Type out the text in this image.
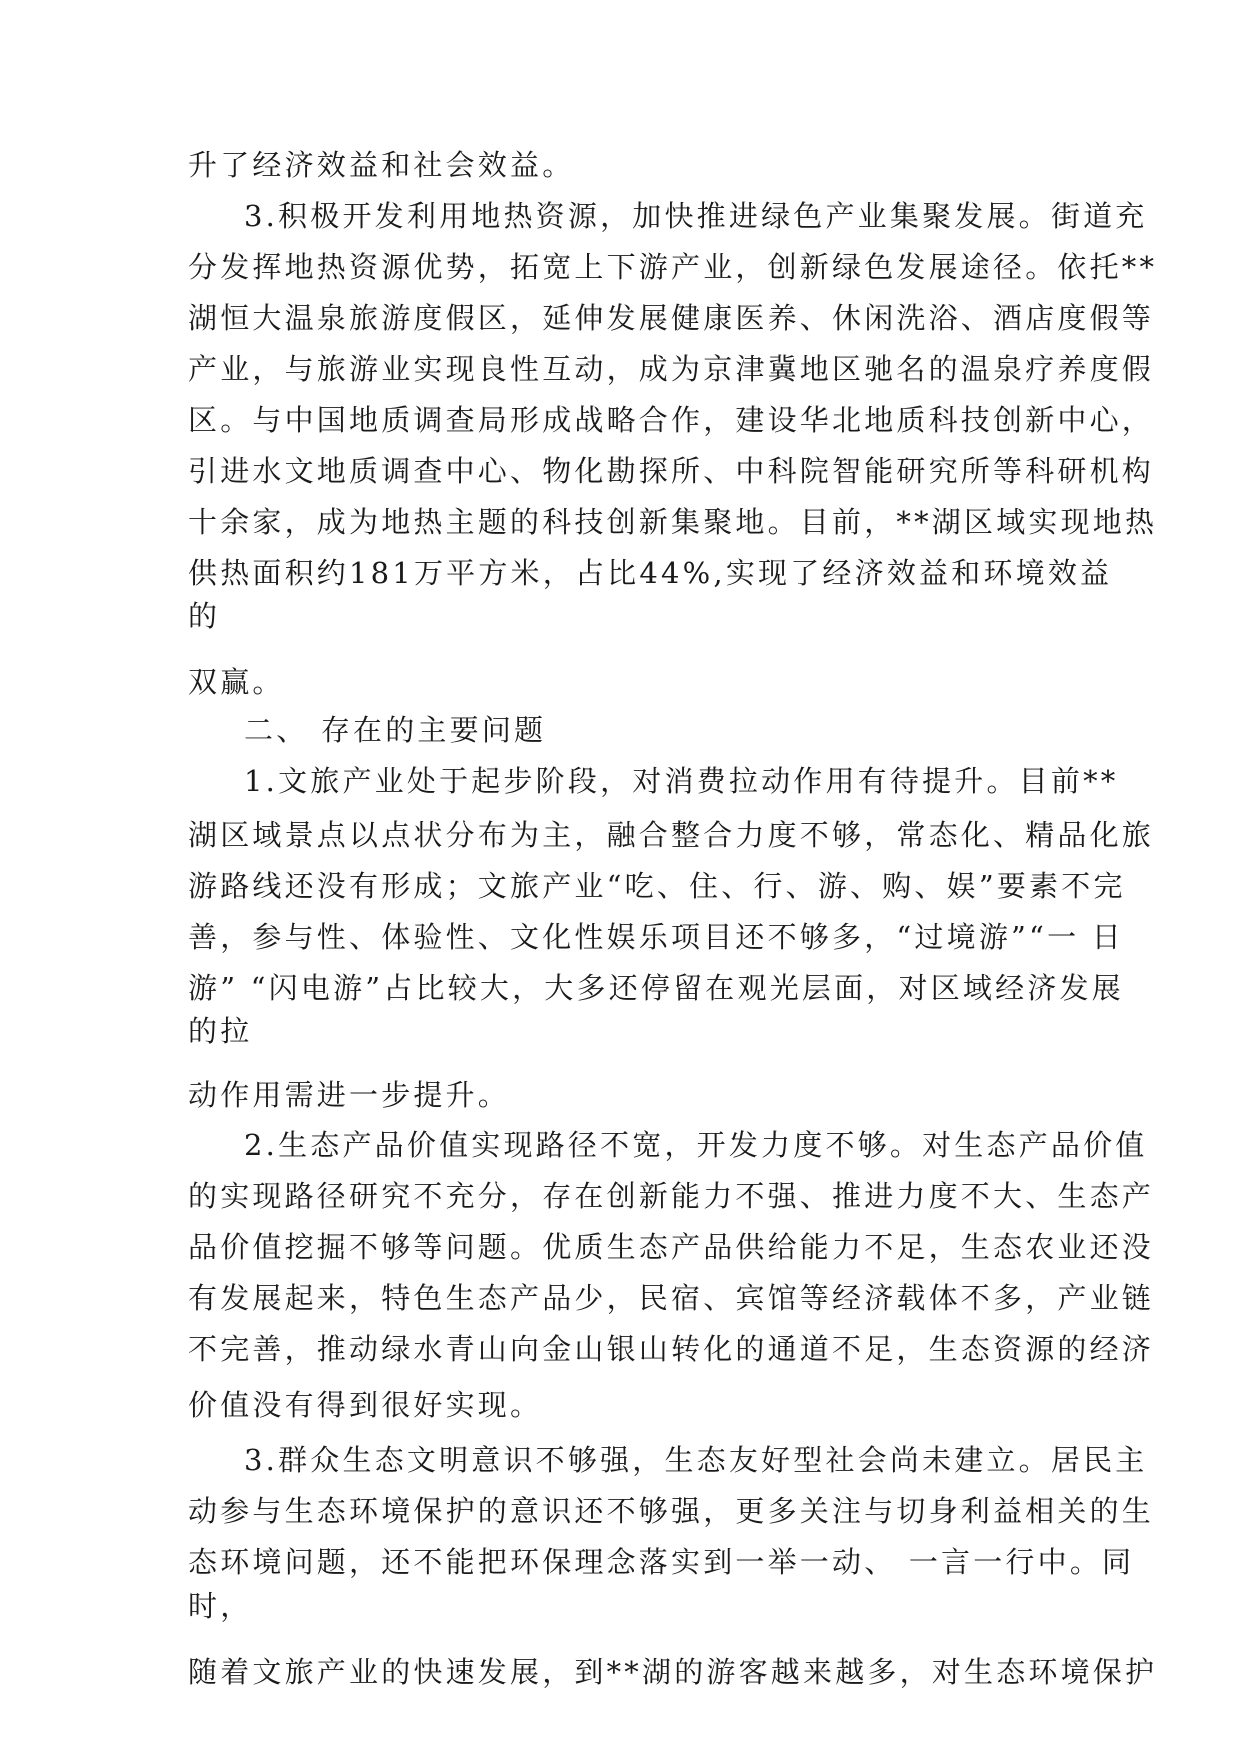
升了经济效益和社会效益。
3.积极开发利用地热资源，加快推进绿色产业集聚发展。街道充
分发挥地热资源优势，拓宽上下游产业，创新绿色发展途径。依托**
湖恒大温泉旅游度假区，延伸发展健康医养、休闲洗浴、酒店度假等
产业，与旅游业实现良性互动，成为京津冀地区驰名的温泉疗养度假
区。与中国地质调查局形成战略合作，建设华北地质科技创新中心，
引进水文地质调查中心、物化勘探所、中科院智能研究所等科研机构
十余家，成为地热主题的科技创新集聚地。目前，**湖区域实现地热
供热面积约181万平方米，占比44%,实现了经济效益和环境效益
的
双赢。
二、 存在的主要问题
1.文旅产业处于起步阶段，对消费拉动作用有待提升。目前**
湖区域景点以点状分布为主，融合整合力度不够，常态化、精品化旅
游路线还没有形成；文旅产业“吃、住、行、游、购、娱”要素不完
善，参与性、体验性、文化性娱乐项目还不够多，“过境游”“一 日
游” “闪电游”占比较大，大多还停留在观光层面，对区域经济发展
的拉
动作用需进一步提升。
2.生态产品价值实现路径不宽，开发力度不够。对生态产品价值
的实现路径研究不充分，存在创新能力不强、推进力度不大、生态产
品价值挖掘不够等问题。优质生态产品供给能力不足，生态农业还没
有发展起来，特色生态产品少，民宿、宾馆等经济载体不多，产业链
不完善，推动绿水青山向金山银山转化的通道不足，生态资源的经济
价值没有得到很好实现。
3.群众生态文明意识不够强，生态友好型社会尚未建立。居民主
动参与生态环境保护的意识还不够强，更多关注与切身利益相关的生
态环境问题，还不能把环保理念落实到一举一动、 一言一行中。同
时，
随着文旅产业的快速发展，到**湖的游客越来越多，对生态环境保护
